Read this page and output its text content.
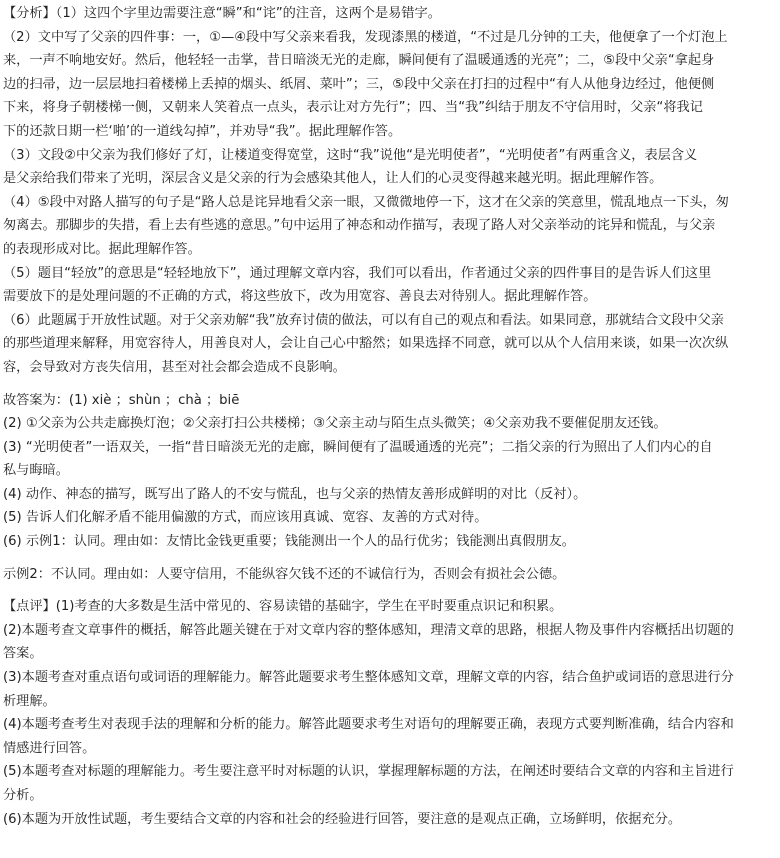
【分析】（1）这四个字里边需要注意“瞬”和“诧”的注音，这两个是易错字。
（2）文中写了父亲的四件事：一，①—④段中写父亲来看我，发现漆黑的楼道，“不过是几分钟的工夫，他便拿了一个灯泡上
来，一声不响地安好。然后，他轻轻一击掌，昔日暗淡无光的走廊，瞬间便有了温暖通透的光亮”；二，⑤段中父亲“拿起身
边的扫帚，边一层层地扫着楼梯上丢掉的烟头、纸屑、菜叶”；三，⑤段中父亲在打扫的过程中“有人从他身边经过，他便侧
下来，将身子朝楼梯一侧，又朝来人笑着点一点头，表示让对方先行”；四、当“我”纠结于朋友不守信用时，父亲“将我记
下的还款日期一栏‘啪’的一道线勾掉”，并劝导“我”。据此理解作答。
（3）文段②中父亲为我们修好了灯，让楼道变得宽堂，这时“我”说他“是光明使者”，“光明使者”有两重含义，表层含义
是父亲给我们带来了光明，深层含义是父亲的行为会感染其他人，让人们的心灵变得越来越光明。据此理解作答。
（4）⑤段中对路人描写的句子是“路人总是诧异地看父亲一眼，又微微地停一下，这才在父亲的笑意里，慌乱地点一下头，匆
匆离去。那脚步的失措，看上去有些逃的意思。”句中运用了神态和动作描写，表现了路人对父亲举动的诧异和慌乱，与父亲
的表现形成对比。据此理解作答。
（5）题目“轻放”的意思是“轻轻地放下”，通过理解文章内容，我们可以看出，作者通过父亲的四件事目的是告诉人们这里
需要放下的是处理问题的不正确的方式，将这些放下，改为用宽容、善良去对待别人。据此理解作答。
（6）此题属于开放性试题。对于父亲劝解“我”放弃讨债的做法，可以有自己的观点和看法。如果同意，那就结合文段中父亲
的那些道理来解释，用宽容待人，用善良对人，会让自己心中豁然；如果选择不同意，就可以从个人信用来谈，如果一次次纵
容，会导致对方丧失信用，甚至对社会都会造成不良影响。
故答案为：(1) xiè ；shùn ；chà ；biē
(2) ①父亲为公共走廊换灯泡；②父亲打扫公共楼梯；③父亲主动与陌生点头微笑；④父亲劝我不要催促朋友还钱。
(3) “光明使者”一语双关，一指“昔日暗淡无光的走廊，瞬间便有了温暖通透的光亮”；二指父亲的行为照出了人们内心的自
私与晦暗。
(4) 动作、神态的描写，既写出了路人的不安与慌乱，也与父亲的热情友善形成鲜明的对比（反衬）。
(5) 告诉人们化解矛盾不能用偏激的方式，而应该用真诚、宽容、友善的方式对待。
(6) 示例1：认同。理由如：友情比金钱更重要；钱能测出一个人的品行优劣；钱能测出真假朋友。
示例2：不认同。理由如：人要守信用，不能纵容欠钱不还的不诚信行为，否则会有损社会公德。
【点评】(1)考查的大多数是生活中常见的、容易读错的基础字，学生在平时要重点识记和积累。
(2)本题考查文章事件的概括，解答此题关键在于对文章内容的整体感知，理清文章的思路，根据人物及事件内容概括出切题的
答案。
(3)本题考查对重点语句或词语的理解能力。解答此题要求考生整体感知文章，理解文章的内容，结合鱼护或词语的意思进行分
析理解。
(4)本题考查考生对表现手法的理解和分析的能力。解答此题要求考生对语句的理解要正确，表现方式要判断准确，结合内容和
情感进行回答。
(5)本题考查对标题的理解能力。考生要注意平时对标题的认识，掌握理解标题的方法，在阐述时要结合文章的内容和主旨进行
分析。
(6)本题为开放性试题，考生要结合文章的内容和社会的经验进行回答，要注意的是观点正确，立场鲜明，依据充分。
